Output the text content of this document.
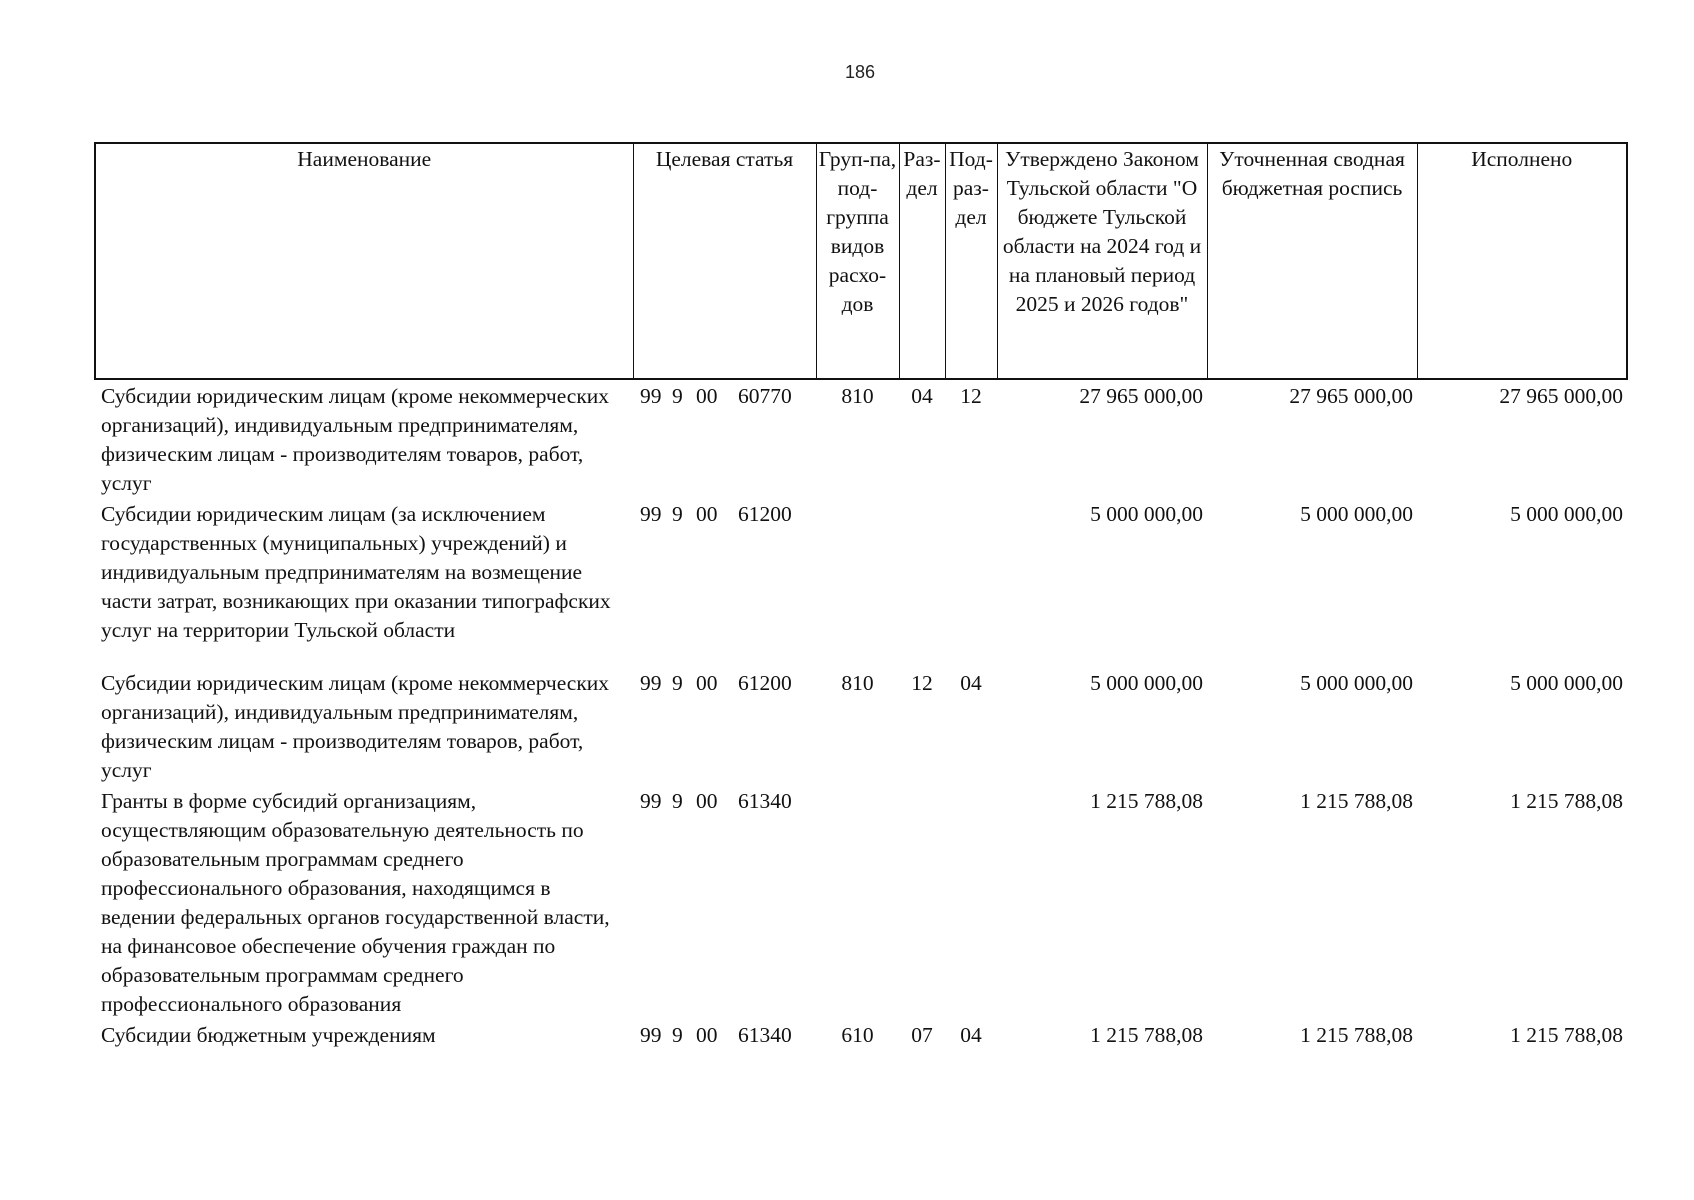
186
Наименование	Целевая статья	Груп-па, под-группа видов расхо-дов	Раз-дел	Под-раз-дел	Утверждено Законом Тульской области "О бюджете Тульской области на 2024 год и на плановый период 2025 и 2026 годов"	Уточненная сводная бюджетная роспись	Исполнено
Субсидии юридическим лицам (кроме некоммерческих организаций), индивидуальным предпринимателям, физическим лицам - производителям товаров, работ, услуг	99 9 00 60770	810	04	12	27 965 000,00	27 965 000,00	27 965 000,00
Субсидии юридическим лицам (за исключением государственных (муниципальных) учреждений) и индивидуальным предпринимателям на возмещение части затрат, возникающих при оказании типографских услуг на территории Тульской области	99 9 00 61200				5 000 000,00	5 000 000,00	5 000 000,00

Субсидии юридическим лицам (кроме некоммерческих организаций), индивидуальным предпринимателям, физическим лицам - производителям товаров, работ, услуг	99 9 00 61200	810	12	04	5 000 000,00	5 000 000,00	5 000 000,00
Гранты в форме субсидий организациям, осуществляющим образовательную деятельность по образовательным программам среднего профессионального образования, находящимся в ведении федеральных органов государственной власти, на финансовое обеспечение обучения граждан по образовательным программам среднего профессионального образования	99 9 00 61340				1 215 788,08	1 215 788,08	1 215 788,08
Субсидии бюджетным учреждениям	99 9 00 61340	610	07	04	1 215 788,08	1 215 788,08	1 215 788,08
